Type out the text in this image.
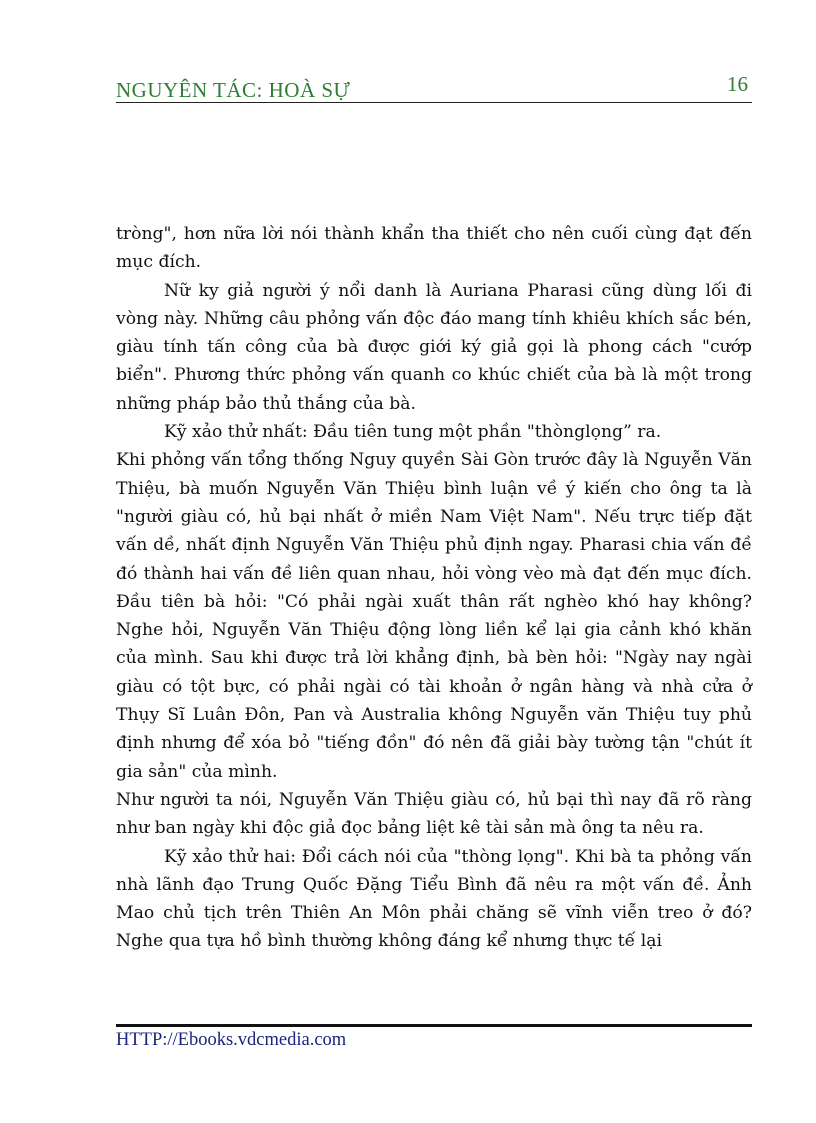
NGUYÊN TÁC: HOÀ SỰ	16

tròng", hơn nữa lời nói thành khẩn tha thiết cho nên cuối cùng đạt đến mục đích.

Nữ ky giả người ý nổi danh là Auriana Pharasi cũng dùng lối đi vòng này. Những câu phỏng vấn độc đáo mang tính khiêu khích sắc bén, giàu tính tấn công của bà được giới ký giả gọi là phong cách "cướp biển". Phương thức phỏng vấn quanh co khúc chiết của bà là một trong những pháp bảo thủ thắng của bà.

Kỹ xảo thử nhất: Đầu tiên tung một phần "thònglọng” ra.

Khi phỏng vấn tổng thống Nguy quyền Sài Gòn trước đây là Nguyễn Văn Thiệu, bà muốn Nguyễn Văn Thiệu bình luận về ý kiến cho ông ta là "người giàu có, hủ bại nhất ở miền Nam Việt Nam". Nếu trực tiếp đặt vấn dề, nhất định Nguyễn Văn Thiệu phủ định ngay. Pharasi chia vấn đề đó thành hai vấn đề liên quan nhau, hỏi vòng vèo mà đạt đến mục đích. Đầu tiên bà hỏi: "Có phải ngài xuất thân rất nghèo khó hay không? Nghe hỏi, Nguyễn Văn Thiệu động lòng liền kể lại gia cảnh khó khăn của mình. Sau khi được trả lời khẳng định, bà bèn hỏi: "Ngày nay ngài giàu có tột bực, có phải ngài có tài khoản ở ngân hàng và nhà cửa ở Thụy Sĩ Luân Đôn, Pan và Australia không Nguyễn văn Thiệu tuy phủ định nhưng để xóa bỏ "tiếng đồn" đó nên đã giải bày tường tận "chút ít gia sản" của mình.

Như người ta nói, Nguyễn Văn Thiệu giàu có, hủ bại thì nay đã rõ ràng như ban ngày khi độc giả đọc bảng liệt kê tài sản mà ông ta nêu ra.

Kỹ xảo thử hai: Đổi cách nói của "thòng lọng". Khi bà ta phỏng vấn nhà lãnh đạo Trung Quốc Đặng Tiểu Bình đã nêu ra một vấn đề. Ảnh Mao chủ tịch trên Thiên An Môn phải chăng sẽ vĩnh viễn treo ở đó? Nghe qua tựa hồ bình thường không đáng kể nhưng thực tế lại

HTTP://Ebooks.vdcmedia.com
